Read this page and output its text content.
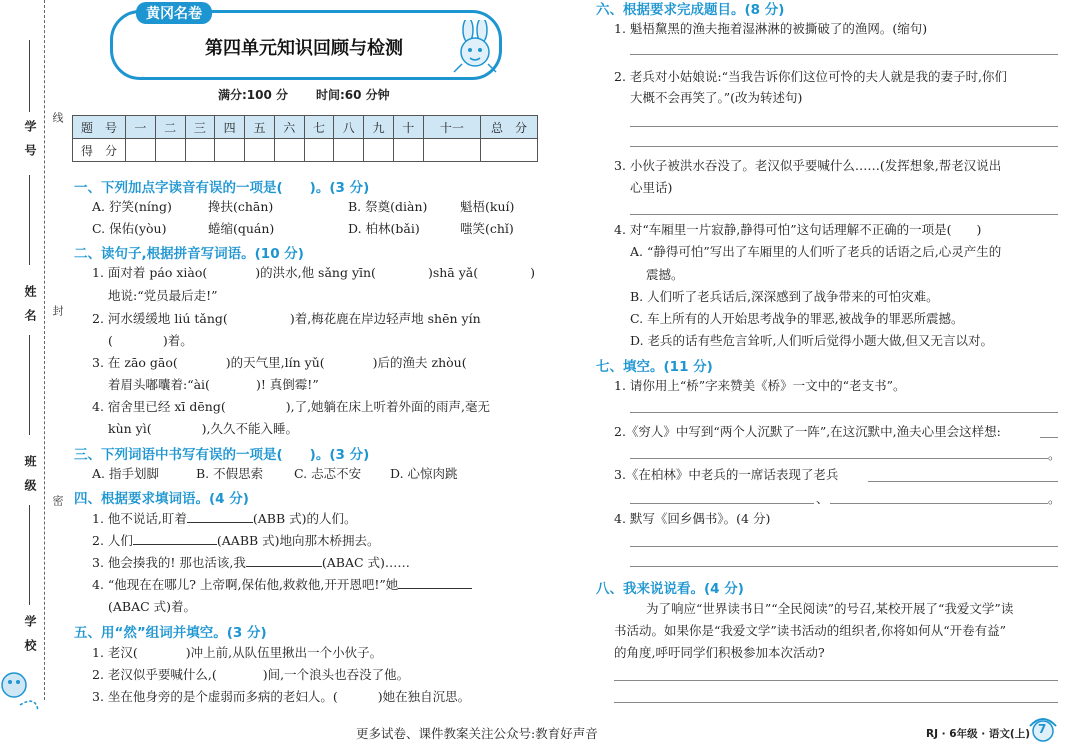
学 号
姓 名
班 级
学 校
线
封
密
黄冈名卷
第四单元知识回顾与检测
满分:100 分 时间:60 分钟
题　号	一	二	三	四	五	六	七	八	九	十	十一	总　分
得　分												
一、下列加点字读音有误的一项是(　　)。(3 分)
A. 狞笑(níng)	搀扶(chān)	B. 祭奠(diàn)	魁梧(kuí)
C. 保佑(yòu)	蜷缩(quán)	D. 柏林(bǎi)	嗤笑(chǐ)
二、读句子,根据拼音写词语。(10 分)
1. 面对着 páo xiào(	)的洪水,他 sǎng yīn(	)shā yǎ(	)
地说:“党员最后走!”
2. 河水缓缓地 liú tǎng(	)着,梅花鹿在岸边轻声地 shēn yín
(	)着。
3. 在 zāo gāo(	)的天气里,lín yǔ(	)后的渔夫 zhòu(
着眉头嘟囔着:“ài(	)! 真倒霉!”
4. 宿舍里已经 xī dēng(	),了,她躺在床上听着外面的雨声,毫无
kùn yì(	),久久不能入睡。
三、下列词语中书写有误的一项是(　　)。(3 分)
A. 指手划脚	B. 不假思索 C. 忐忑不安 D. 心惊肉跳
四、根据要求填词语。(4 分)
1. 他不说话,盯着	(ABB 式)的人们。
2. 人们	(AABB 式)地向那木桥拥去。
3. 他会揍我的! 那也活该,我	(ABAC 式)……
4. “他现在在哪儿? 上帝啊,保佑他,救救他,开开恩吧!”她
(ABAC 式)着。
五、用“然”组词并填空。(3 分)
1. 老汉(	)冲上前,从队伍里揪出一个小伙子。
2. 老汉似乎要喊什么,(	)间,一个浪头也吞没了他。
3. 坐在他身旁的是个虚弱而多病的老妇人。(	)她在独自沉思。
六、根据要求完成题目。(8 分)
1. 魁梧黧黑的渔夫拖着湿淋淋的被撕破了的渔网。(缩句)
2. 老兵对小姑娘说:“当我告诉你们这位可怜的夫人就是我的妻子时,你们
大概不会再笑了。”(改为转述句)
3. 小伙子被洪水吞没了。老汉似乎要喊什么……(发挥想象,帮老汉说出
心里话)
4. 对“车厢里一片寂静,静得可怕”这句话理解不正确的一项是(　　)
A. “静得可怕”写出了车厢里的人们听了老兵的话语之后,心灵产生的
震撼。
B. 人们听了老兵话后,深深感到了战争带来的可怕灾难。
C. 车上所有的人开始思考战争的罪恶,被战争的罪恶所震撼。
D. 老兵的话有些危言耸听,人们听后觉得小题大做,但又无言以对。
七、填空。(11 分)
1. 请你用上“桥”字来赞美《桥》一文中的“老支书”。
2.《穷人》中写到“两个人沉默了一阵”,在这沉默中,渔夫心里会这样想:
。
3.《在柏林》中老兵的一席话表现了老兵
、	。
4. 默写《回乡偶书》。(4 分)
八、我来说说看。(4 分)
为了响应“世界读书日”“全民阅读”的号召,某校开展了“我爱文学”读
书活动。如果你是“我爱文学”读书活动的组织者,你将如何从“开卷有益”
的角度,呼吁同学们积极参加本次活动?
更多试卷、课件教案关注公众号:教育好声音	RJ · 6年级 · 语文(上) 7
